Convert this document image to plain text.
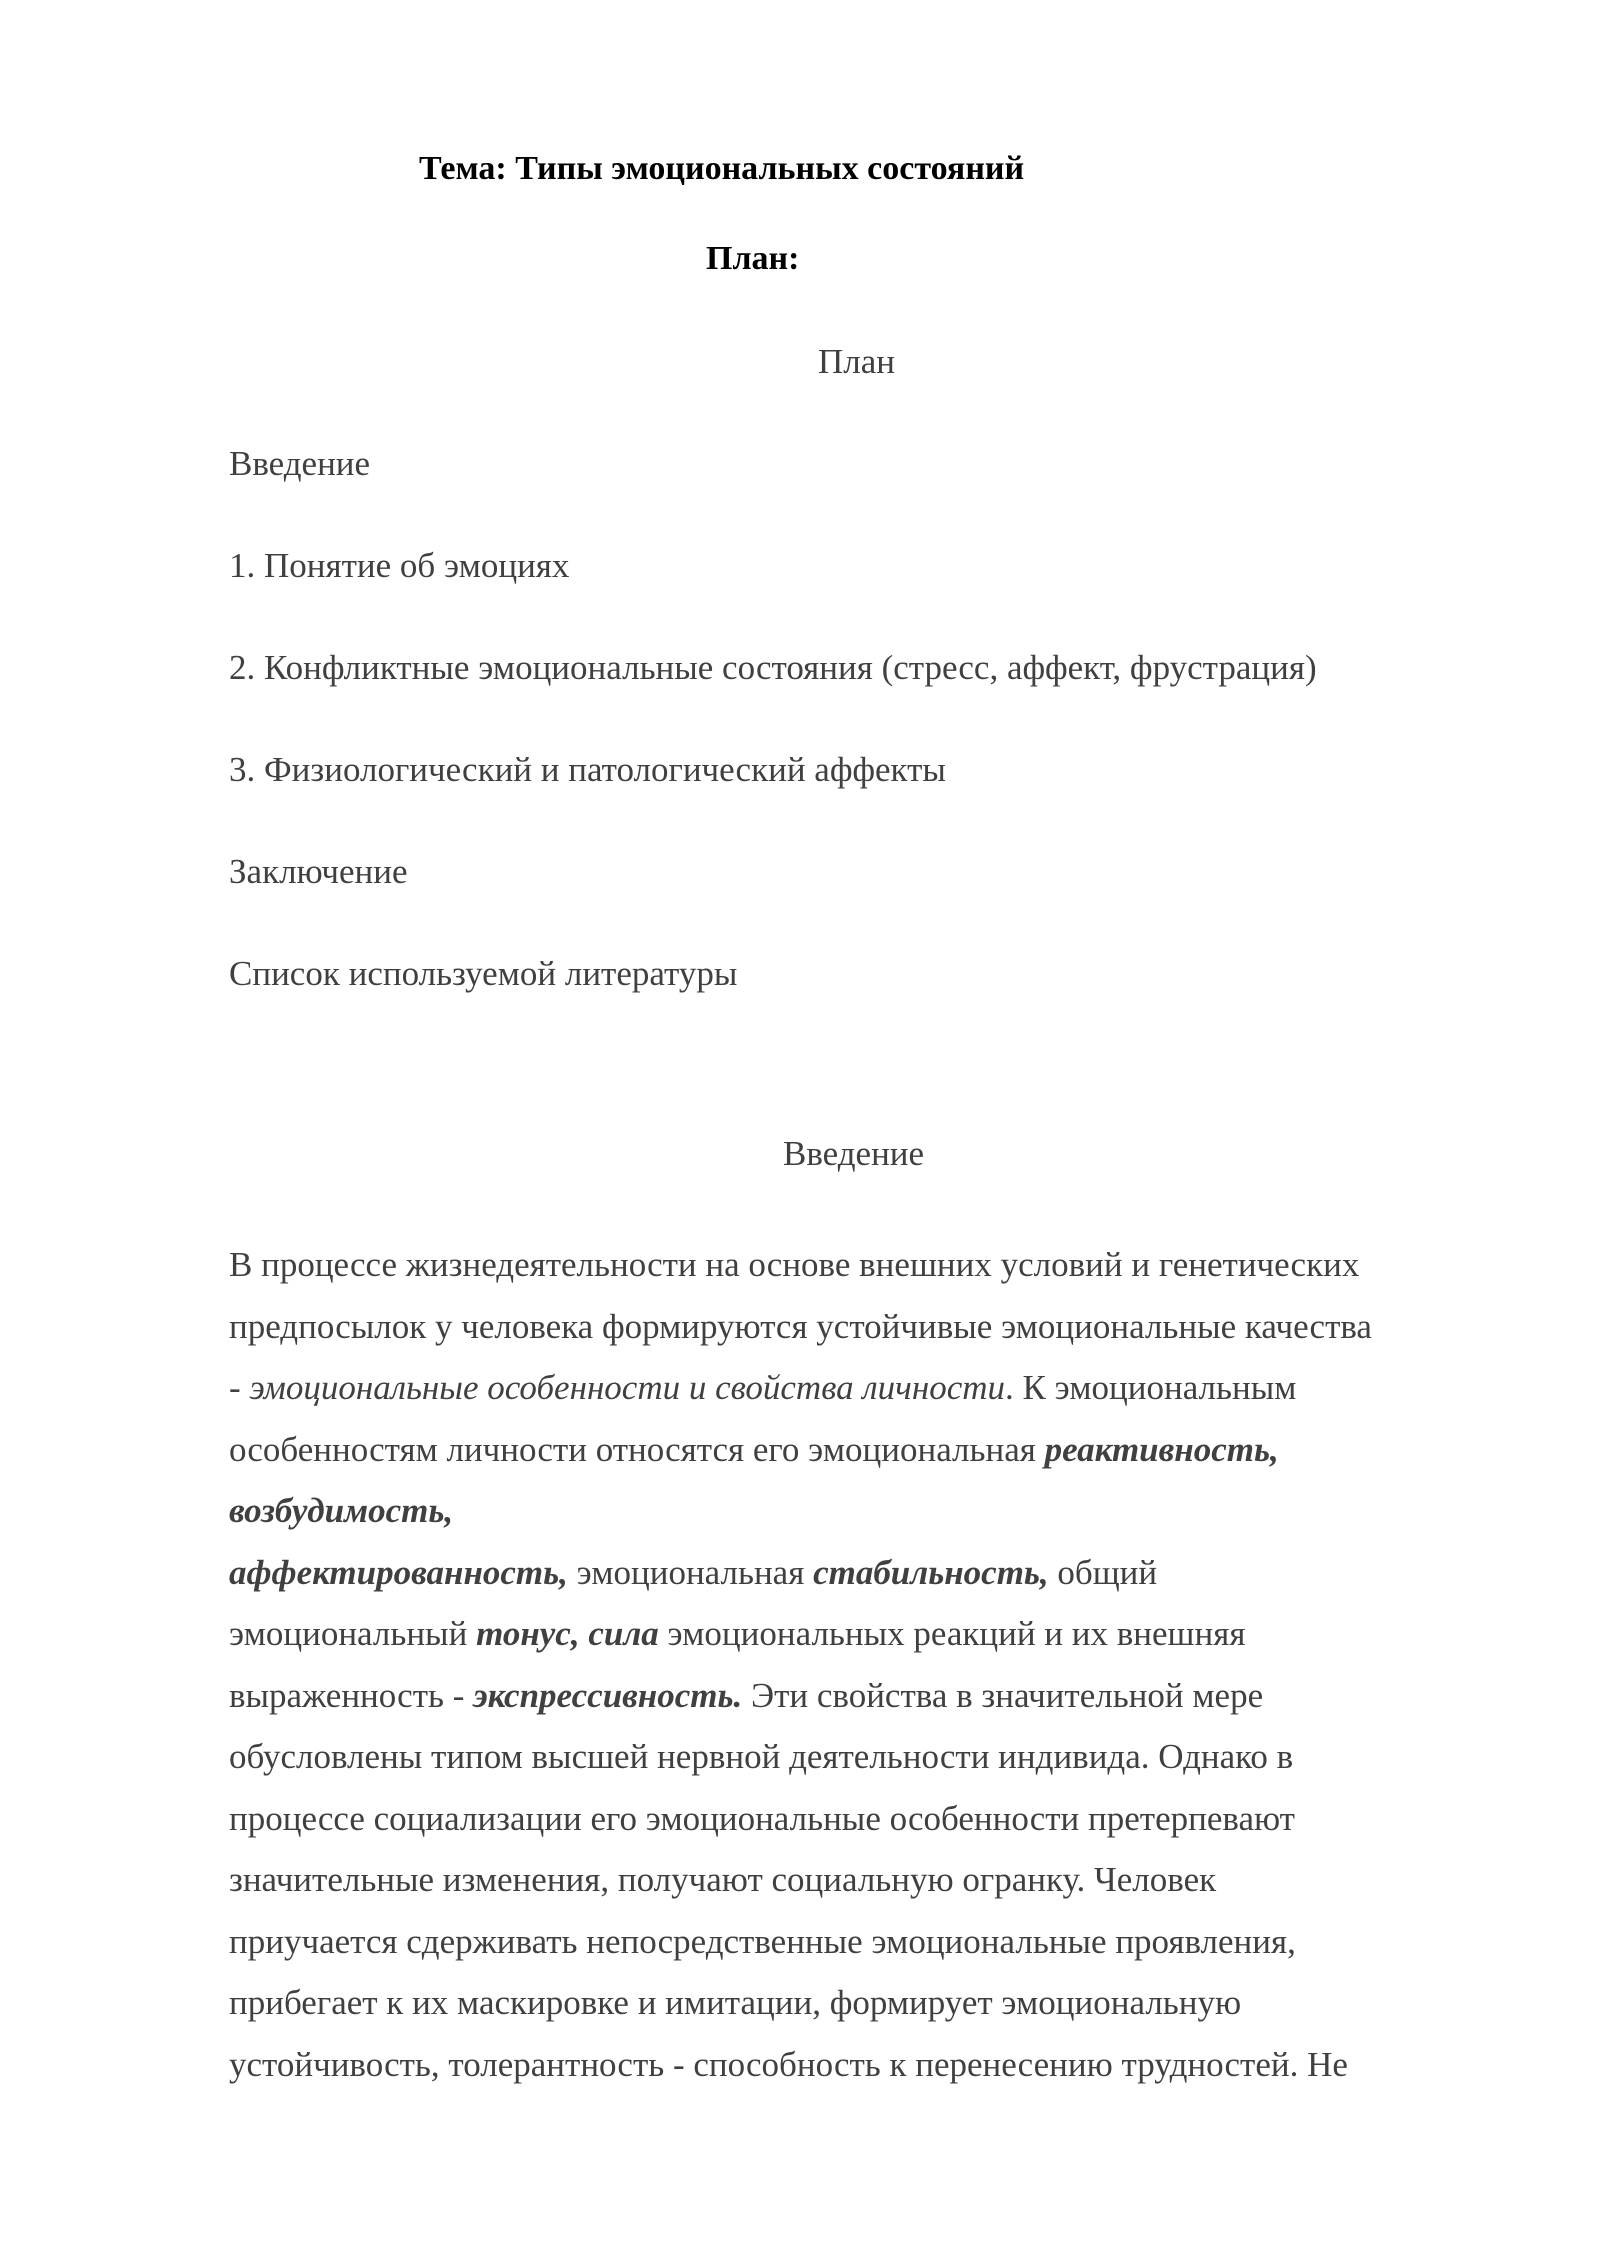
Тема: Типы эмоциональных состояний
План:
План
Введение
1. Понятие об эмоциях
2. Конфликтные эмоциональные состояния (стресс, аффект, фрустрация)
3. Физиологический и патологический аффекты
Заключение
Список используемой литературы
Введение
В процессе жизнедеятельности на основе внешних условий и генетических
предпосылок у человека формируются устойчивые эмоциональные качества
- эмоциональные особенности и свойства личности. К эмоциональным
особенностям личности относятся его эмоциональная реактивность,
возбудимость,
аффектированность, эмоциональная стабильность, общий
эмоциональный тонус, сила эмоциональных реакций и их внешняя
выраженность - экспрессивность. Эти свойства в значительной мере
обусловлены типом высшей нервной деятельности индивида. Однако в
процессе социализации его эмоциональные особенности претерпевают
значительные изменения, получают социальную огранку. Человек
приучается сдерживать непосредственные эмоциональные проявления,
прибегает к их маскировке и имитации, формирует эмоциональную
устойчивость, толерантность - способность к перенесению трудностей. Не
